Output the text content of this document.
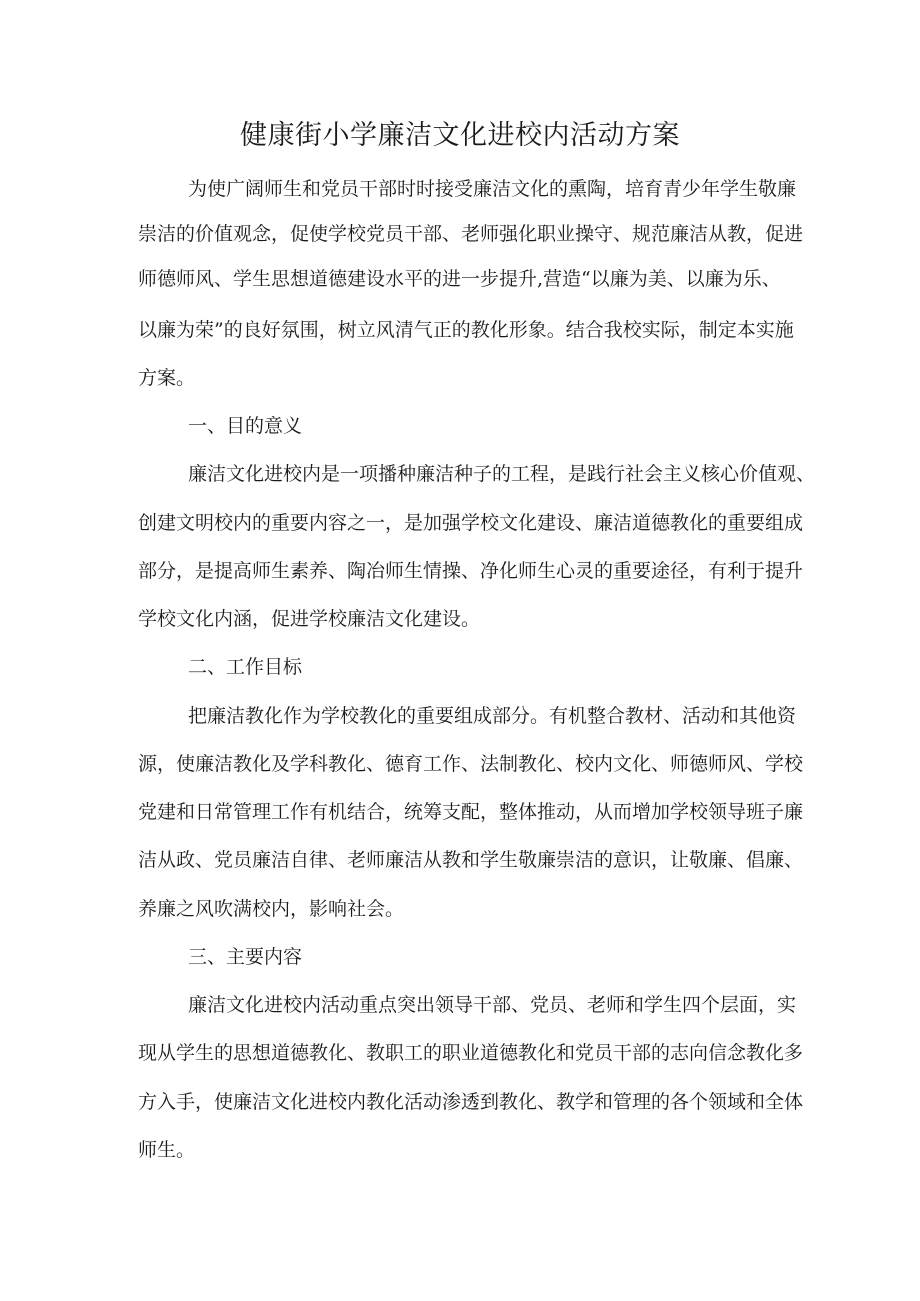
健康街小学廉洁文化进校内活动方案
为使广阔师生和党员干部时时接受廉洁文化的熏陶，培育青少年学生敬廉
崇洁的价值观念，促使学校党员干部、老师强化职业操守、规范廉洁从教，促进
师德师风、学生思想道德建设水平的进一步提升,营造“以廉为美、以廉为乐、
以廉为荣”的良好氛围，树立风清气正的教化形象。结合我校实际，制定本实施
方案。
一、目的意义
廉洁文化进校内是一项播种廉洁种子的工程，是践行社会主义核心价值观、
创建文明校内的重要内容之一，是加强学校文化建设、廉洁道德教化的重要组成
部分，是提高师生素养、陶冶师生情操、净化师生心灵的重要途径，有利于提升
学校文化内涵，促进学校廉洁文化建设。
二、工作目标
把廉洁教化作为学校教化的重要组成部分。有机整合教材、活动和其他资
源，使廉洁教化及学科教化、德育工作、法制教化、校内文化、师德师风、学校
党建和日常管理工作有机结合，统筹支配，整体推动，从而增加学校领导班子廉
洁从政、党员廉洁自律、老师廉洁从教和学生敬廉崇洁的意识，让敬廉、倡廉、
养廉之风吹满校内，影响社会。
三、主要内容
廉洁文化进校内活动重点突出领导干部、党员、老师和学生四个层面，实
现从学生的思想道德教化、教职工的职业道德教化和党员干部的志向信念教化多
方入手，使廉洁文化进校内教化活动渗透到教化、教学和管理的各个领域和全体
师生。
